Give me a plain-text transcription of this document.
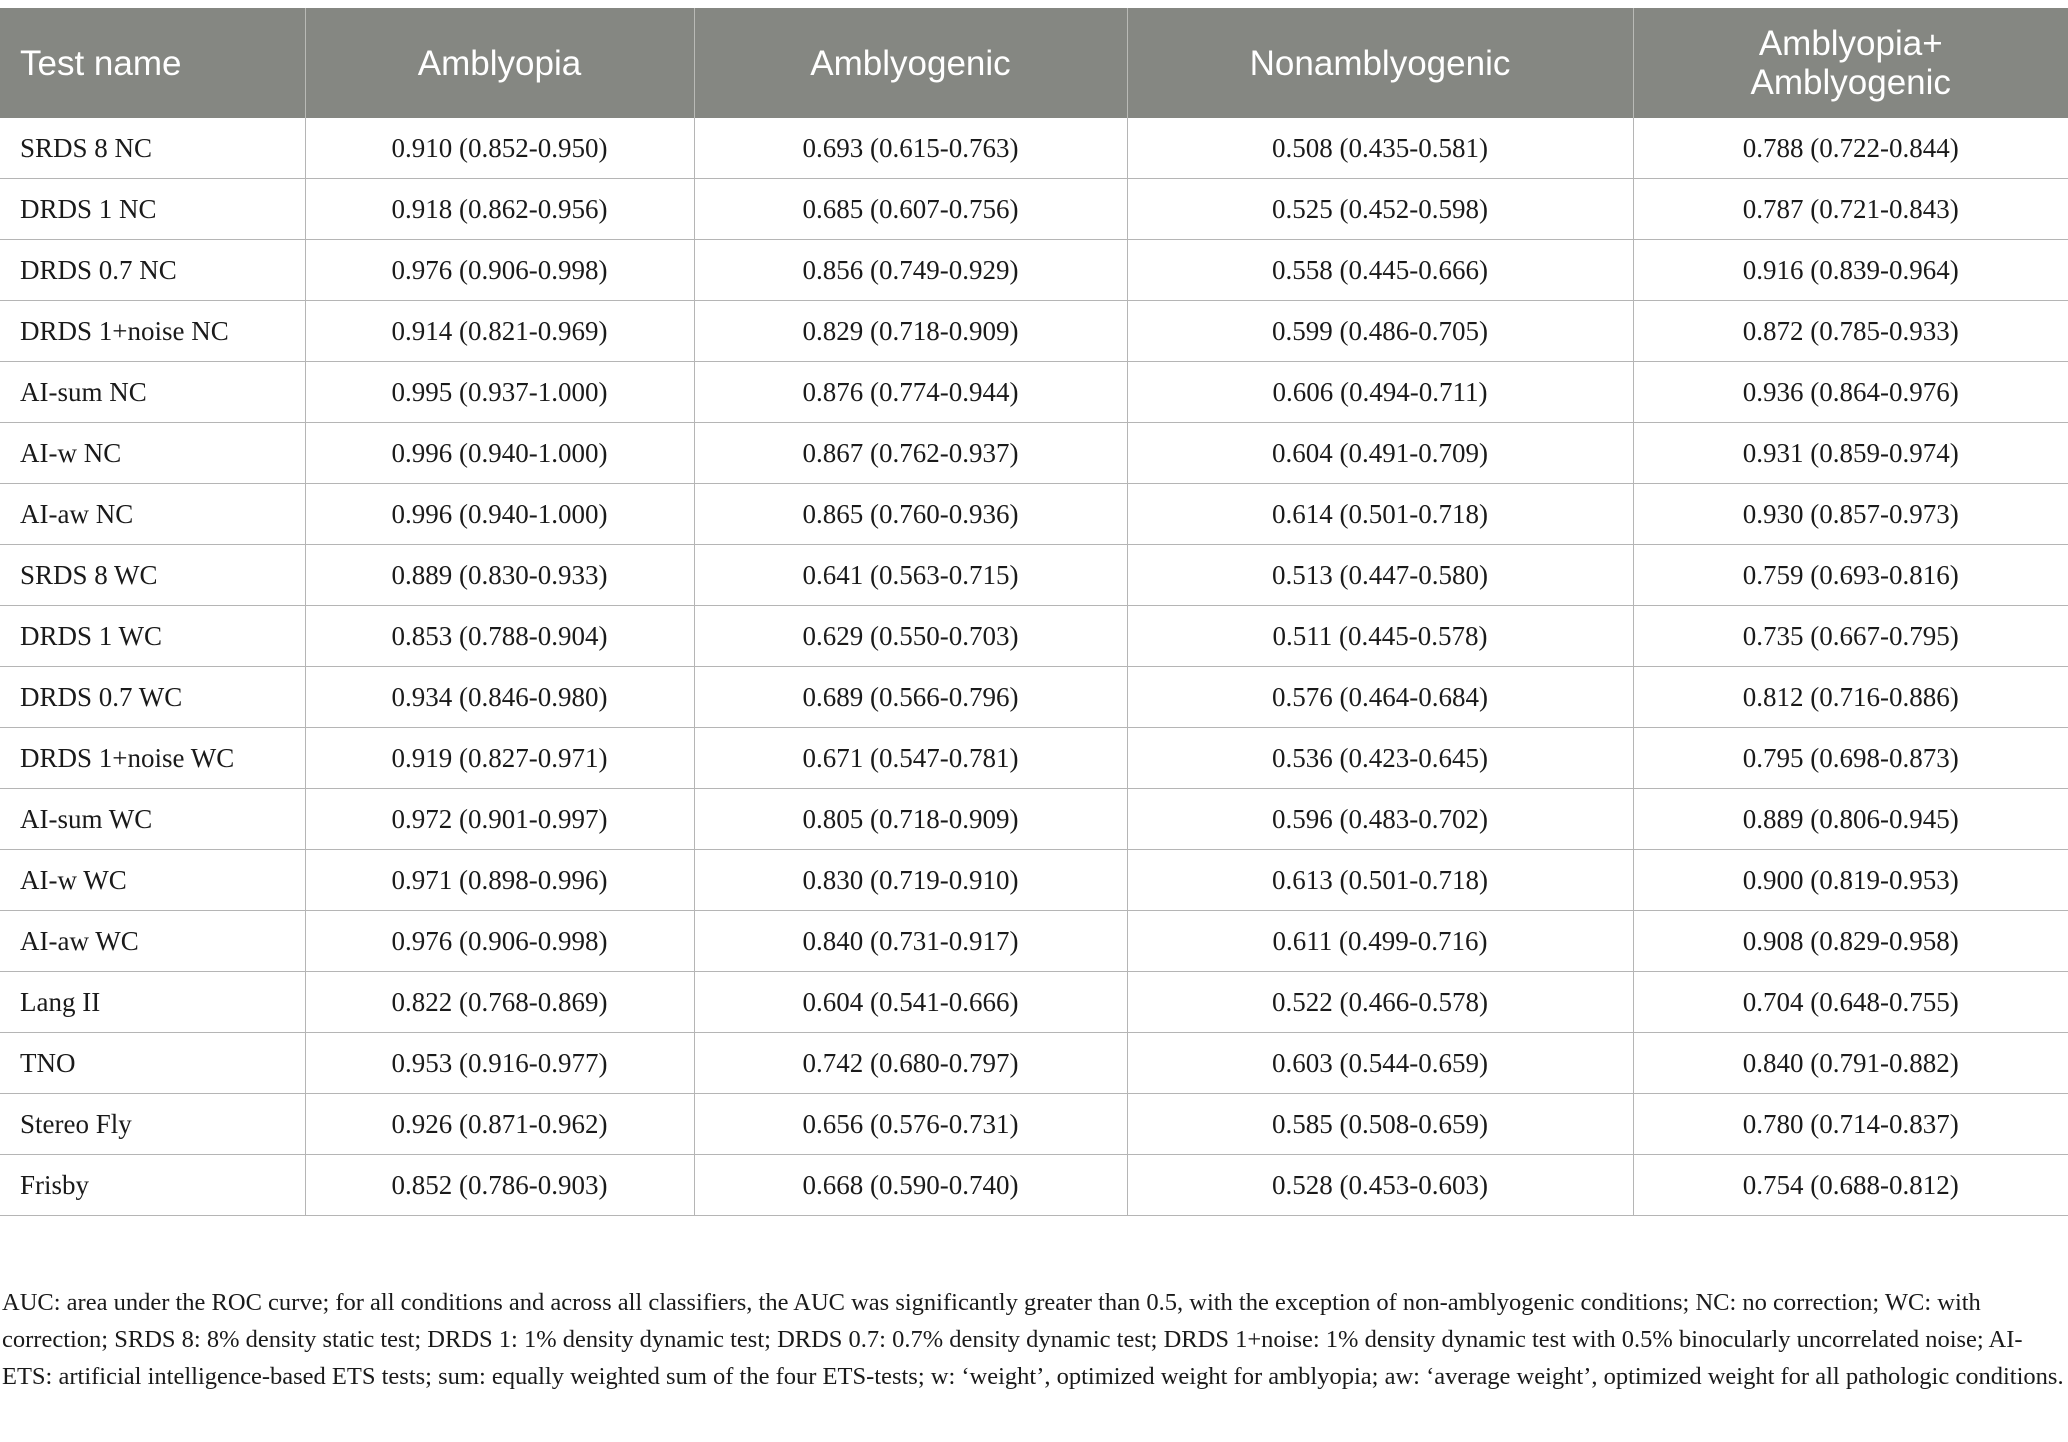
Test name	Amblyopia	Amblyogenic	Nonamblyogenic	Amblyopia+
Amblyogenic
SRDS 8 NC	0.910 (0.852-0.950)	0.693 (0.615-0.763)	0.508 (0.435-0.581)	0.788 (0.722-0.844)
DRDS 1 NC	0.918 (0.862-0.956)	0.685 (0.607-0.756)	0.525 (0.452-0.598)	0.787 (0.721-0.843)
DRDS 0.7 NC	0.976 (0.906-0.998)	0.856 (0.749-0.929)	0.558 (0.445-0.666)	0.916 (0.839-0.964)
DRDS 1+noise NC	0.914 (0.821-0.969)	0.829 (0.718-0.909)	0.599 (0.486-0.705)	0.872 (0.785-0.933)
AI-sum NC	0.995 (0.937-1.000)	0.876 (0.774-0.944)	0.606 (0.494-0.711)	0.936 (0.864-0.976)
AI-w NC	0.996 (0.940-1.000)	0.867 (0.762-0.937)	0.604 (0.491-0.709)	0.931 (0.859-0.974)
AI-aw NC	0.996 (0.940-1.000)	0.865 (0.760-0.936)	0.614 (0.501-0.718)	0.930 (0.857-0.973)
SRDS 8 WC	0.889 (0.830-0.933)	0.641 (0.563-0.715)	0.513 (0.447-0.580)	0.759 (0.693-0.816)
DRDS 1 WC	0.853 (0.788-0.904)	0.629 (0.550-0.703)	0.511 (0.445-0.578)	0.735 (0.667-0.795)
DRDS 0.7 WC	0.934 (0.846-0.980)	0.689 (0.566-0.796)	0.576 (0.464-0.684)	0.812 (0.716-0.886)
DRDS 1+noise WC	0.919 (0.827-0.971)	0.671 (0.547-0.781)	0.536 (0.423-0.645)	0.795 (0.698-0.873)
AI-sum WC	0.972 (0.901-0.997)	0.805 (0.718-0.909)	0.596 (0.483-0.702)	0.889 (0.806-0.945)
AI-w WC	0.971 (0.898-0.996)	0.830 (0.719-0.910)	0.613 (0.501-0.718)	0.900 (0.819-0.953)
AI-aw WC	0.976 (0.906-0.998)	0.840 (0.731-0.917)	0.611 (0.499-0.716)	0.908 (0.829-0.958)
Lang II	0.822 (0.768-0.869)	0.604 (0.541-0.666)	0.522 (0.466-0.578)	0.704 (0.648-0.755)
TNO	0.953 (0.916-0.977)	0.742 (0.680-0.797)	0.603 (0.544-0.659)	0.840 (0.791-0.882)
Stereo Fly	0.926 (0.871-0.962)	0.656 (0.576-0.731)	0.585 (0.508-0.659)	0.780 (0.714-0.837)
Frisby	0.852 (0.786-0.903)	0.668 (0.590-0.740)	0.528 (0.453-0.603)	0.754 (0.688-0.812)

AUC: area under the ROC curve; for all conditions and across all classifiers, the AUC was significantly greater than 0.5, with the exception of non-amblyogenic conditions; NC: no correction; WC: with correction; SRDS 8: 8% density static test; DRDS 1: 1% density dynamic test; DRDS 0.7: 0.7% density dynamic test; DRDS 1+noise: 1% density dynamic test with 0.5% binocularly uncorrelated noise; AI-ETS: artificial intelligence-based ETS tests; sum: equally weighted sum of the four ETS-tests; w: ‘weight’, optimized weight for amblyopia; aw: ‘average weight’, optimized weight for all pathologic conditions.
